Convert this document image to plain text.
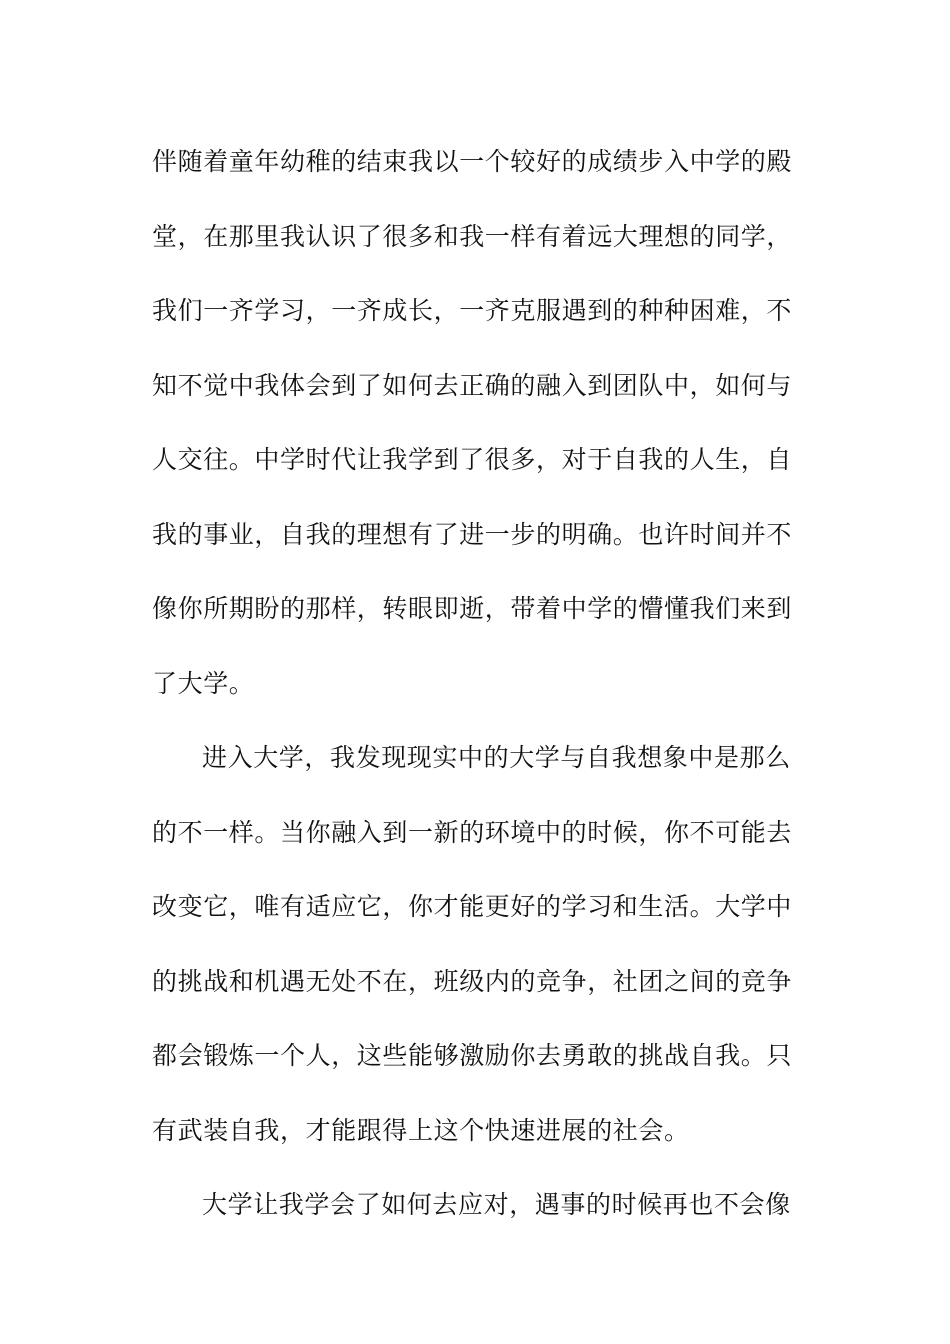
伴随着童年幼稚的结束我以一个较好的成绩步入中学的殿
堂，在那里我认识了很多和我一样有着远大理想的同学，
我们一齐学习，一齐成长，一齐克服遇到的种种困难，不
知不觉中我体会到了如何去正确的融入到团队中，如何与
人交往。中学时代让我学到了很多，对于自我的人生，自
我的事业，自我的理想有了进一步的明确。也许时间并不
像你所期盼的那样，转眼即逝，带着中学的懵懂我们来到
了大学。
进入大学，我发现现实中的大学与自我想象中是那么
的不一样。当你融入到一新的环境中的时候，你不可能去
改变它，唯有适应它，你才能更好的学习和生活。大学中
的挑战和机遇无处不在，班级内的竞争，社团之间的竞争
都会锻炼一个人，这些能够激励你去勇敢的挑战自我。只
有武装自我，才能跟得上这个快速进展的社会。
大学让我学会了如何去应对，遇事的时候再也不会像
